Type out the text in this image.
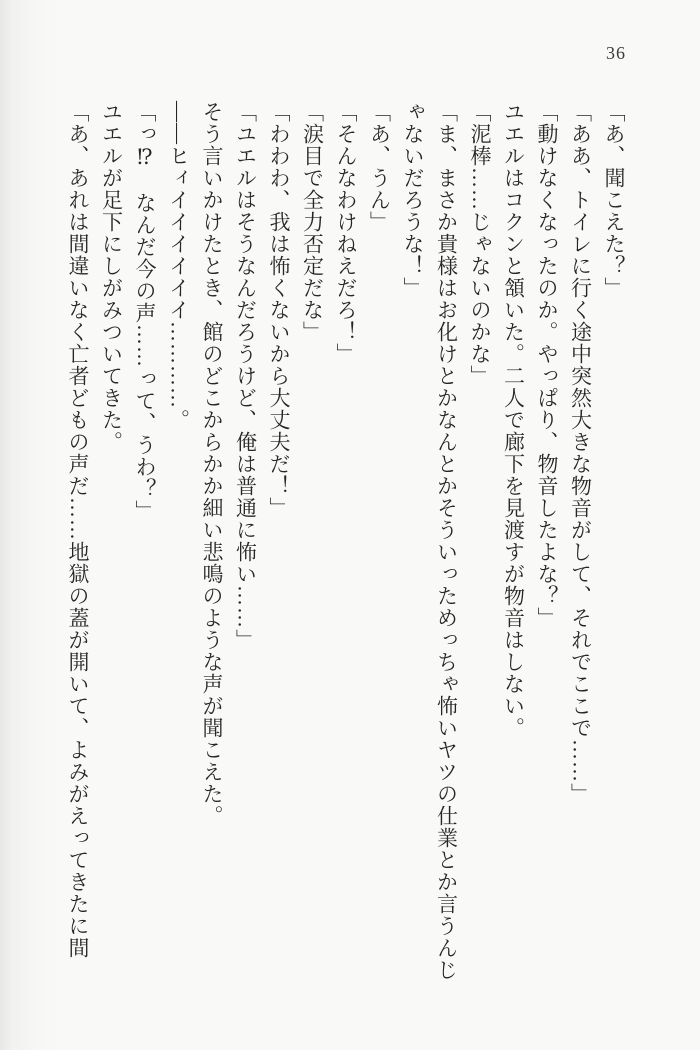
36

「あ、聞こえた？」

「ああ、トイレに行く途中突然大きな物音がして、それでここで……」

「動けなくなったのか。やっぱり、物音したよな？」

ユエルはコクンと頷いた。二人で廊下を見渡すが物音はしない。

「泥棒……じゃないのかな」

「ま、まさか貴様はお化けとかなんとかそういっためっちゃ怖いヤツの仕業とか言うんじゃないだろうな！」

「あ、うん」

「そんなわけねえだろ！」

「涙目で全力否定だな」

「わわわ、我は怖くないから大丈夫だ！」

「ユエルはそうなんだろうけど、俺は普通に怖い……」

そう言いかけたとき、館のどこからかか細い悲鳴のような声が聞こえた。

――ヒィイイイイイイ…………。

「っ⁉　なんだ今の声……って、うわ？」

ユエルが足下にしがみついてきた。

「あ、あれは間違いなく亡者どもの声だ……地獄の蓋が開いて、よみがえってきたに間
